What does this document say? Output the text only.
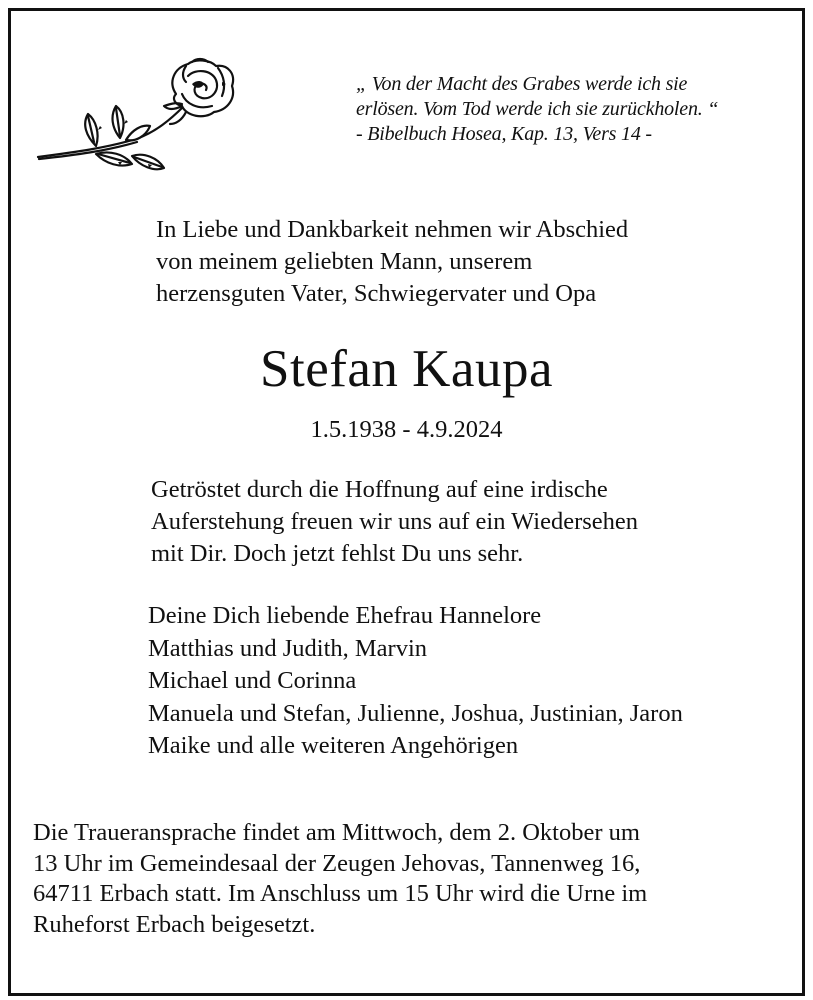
„ Von der Macht des Grabes werde ich sie
erlösen. Vom Tod werde ich sie zurückholen. “
- Bibelbuch Hosea, Kap. 13, Vers 14 -
In Liebe und Dankbarkeit nehmen wir Abschied
von meinem geliebten Mann, unserem
herzensguten Vater, Schwiegervater und Opa
Stefan Kaupa
1.5.1938 - 4.9.2024
Getröstet durch die Hoffnung auf eine irdische
Auferstehung freuen wir uns auf ein Wiedersehen
mit Dir. Doch jetzt fehlst Du uns sehr.
Deine Dich liebende Ehefrau Hannelore
Matthias und Judith, Marvin
Michael und Corinna
Manuela und Stefan, Julienne, Joshua, Justinian, Jaron
Maike und alle weiteren Angehörigen
Die Traueransprache findet am Mittwoch, dem 2. Oktober um
13 Uhr im Gemeindesaal der Zeugen Jehovas, Tannenweg 16,
64711 Erbach statt. Im Anschluss um 15 Uhr wird die Urne im
Ruheforst Erbach beigesetzt.
